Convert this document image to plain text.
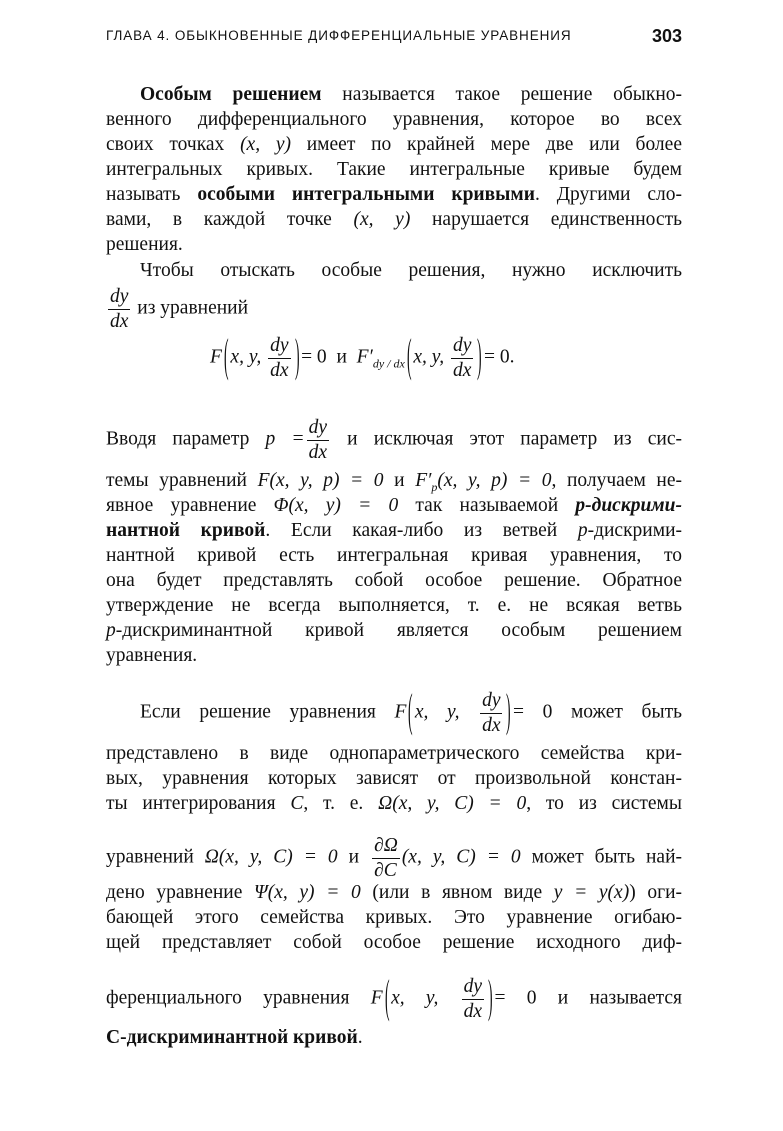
ГЛАВА 4. ОБЫКНОВЕННЫЕ ДИФФЕРЕНЦИАЛЬНЫЕ УРАВНЕНИЯ	303
Особым решением называется такое решение обыкно-
венного дифференциального уравнения, которое во всех
своих точках (x, y) имеет по крайней мере две или более
интегральных кривых. Такие интегральные кривые будем
называть особыми интегральными кривыми. Другими сло-
вами, в каждой точке (x, y) нарушается единственность
решения.
Чтобы отыскать особые решения, нужно исключить
$\frac{dy}{dx}$ из уравнений
F ( x, y, $\frac{dy}{dx}$ ) = 0 и $F'_{dy / dx}$ ( x, y, $\frac{dy}{dx}$ ) = 0.
Вводя параметр $p = \frac{dy}{dx}$ и исключая этот параметр из сис-
темы уравнений F(x, y, p) = 0 и $F'_p(x$, y, p) = 0, получаем не-
явное уравнение Φ(x, y) = 0 так называемой p-дискрими-
нантной кривой. Если какая-либо из ветвей p-дискрими-
нантной кривой есть интегральная кривая уравнения, то
она будет представлять собой особое решение. Обратное
утверждение не всегда выполняется, т. е. не всякая ветвь
p-дискриминантной кривой является особым решением
уравнения.
Если решение уравнения F ( x, y, $\frac{dy}{dx}$ ) = 0 может быть
представлено в виде однопараметрического семейства кри-
вых, уравнения которых зависят от произвольной констан-
ты интегрирования C, т. е. Ω(x, y, C) = 0, то из системы
уравнений Ω(x, y, C) = 0 и $\frac{\partial\Omega}{\partial C} (x$, y, C) = 0 может быть най-
дено уравнение Ψ(x, y) = 0 (или в явном виде y = y(x)) оги-
бающей этого семейства кривых. Это уравнение огибаю-
щей представляет собой особое решение исходного диф-
ференциального уравнения F ( x, y, $\frac{dy}{dx}$ ) = 0 и называется
C-дискриминантной кривой.
